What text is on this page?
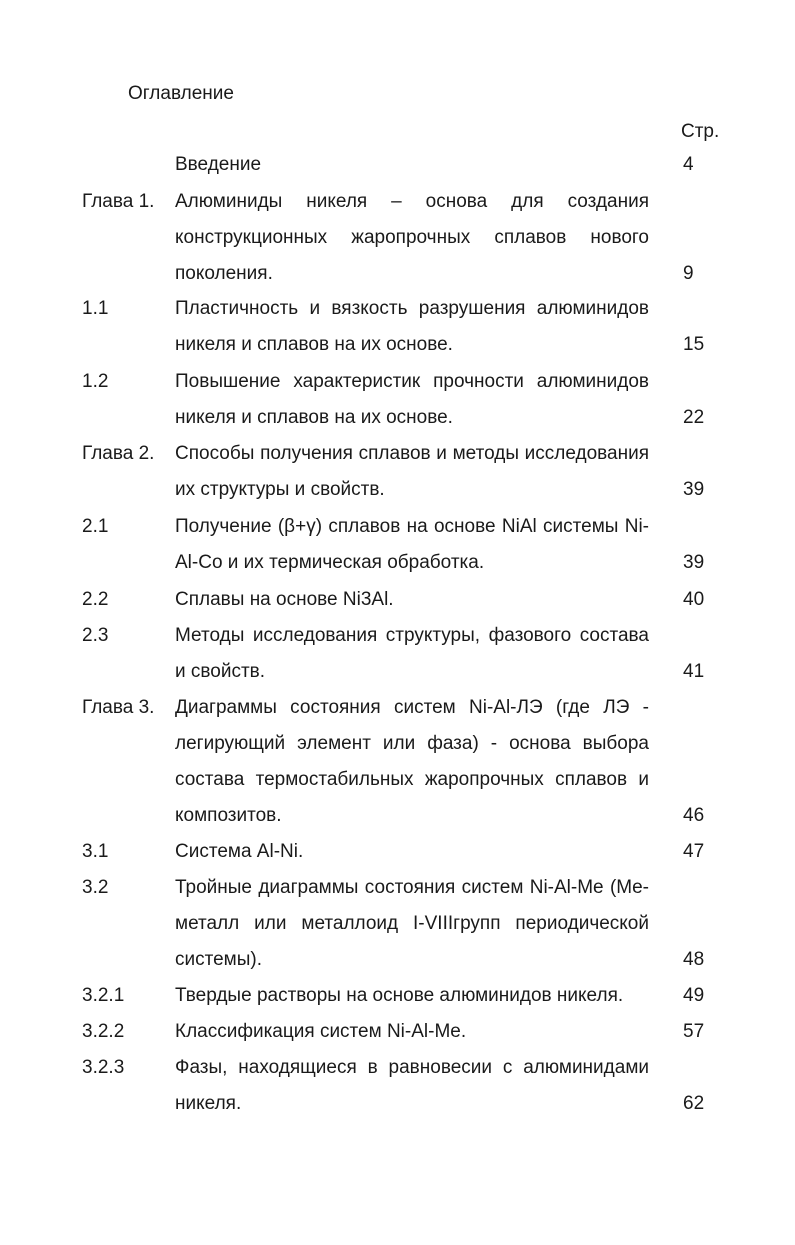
Оглавление
Стр.
Введение	4
Глава 1. Алюминиды никеля – основа для создания конструкционных жаропрочных сплавов нового поколения.	9
1.1	Пластичность и вязкость разрушения алюминидов никеля и сплавов на их основе.	15
1.2	Повышение характеристик прочности алюминидов никеля и сплавов на их основе.	22
Глава 2. Способы получения сплавов и методы исследования их структуры и свойств.	39
2.1	Получение (β+γ) сплавов на основе NiAl системы Ni-Al-Co и их термическая обработка.	39
2.2	Сплавы на основе Ni3Al.	40
2.3	Методы исследования структуры, фазового состава и свойств.	41
Глава 3. Диаграммы состояния систем Ni-Al-ЛЭ (где ЛЭ - легирующий элемент или фаза) - основа выбора состава термостабильных жаропрочных сплавов и композитов.	46
3.1	Система Al-Ni.	47
3.2	Тройные диаграммы состояния систем Ni-Al-Me (Me-металл или металлоид I-VIIIгрупп периодической системы).	48
3.2.1	Твердые растворы на основе алюминидов никеля.	49
3.2.2	Классификация систем Ni-Al-Me.	57
3.2.3	Фазы, находящиеся в равновесии с алюминидами никеля.	62
